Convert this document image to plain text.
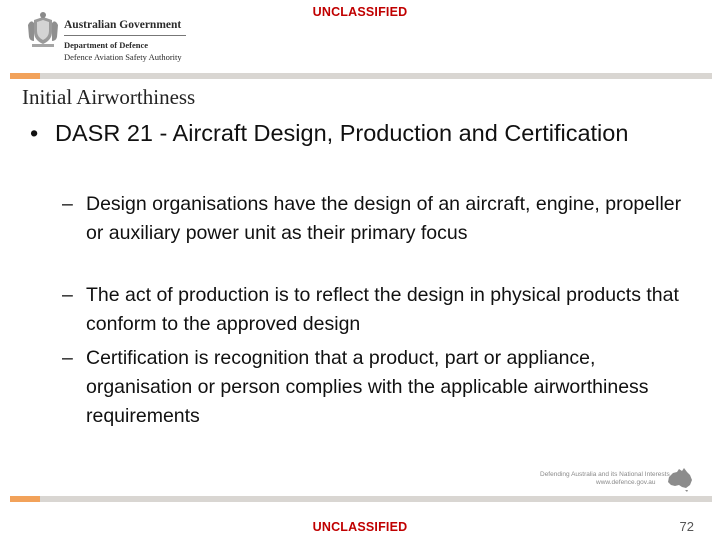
UNCLASSIFIED
Australian Government
Department of Defence
Defence Aviation Safety Authority
Initial Airworthiness
• DASR 21 - Aircraft Design, Production and Certification
– Design organisations have the design of an aircraft, engine, propeller or auxiliary power unit as their primary focus
– The act of production is to reflect the design in physical products that conform to the approved design
– Certification is recognition that a product, part or appliance, organisation or person complies with the applicable airworthiness requirements
Defending Australia and its National Interests
www.defence.gov.au
UNCLASSIFIED	72
